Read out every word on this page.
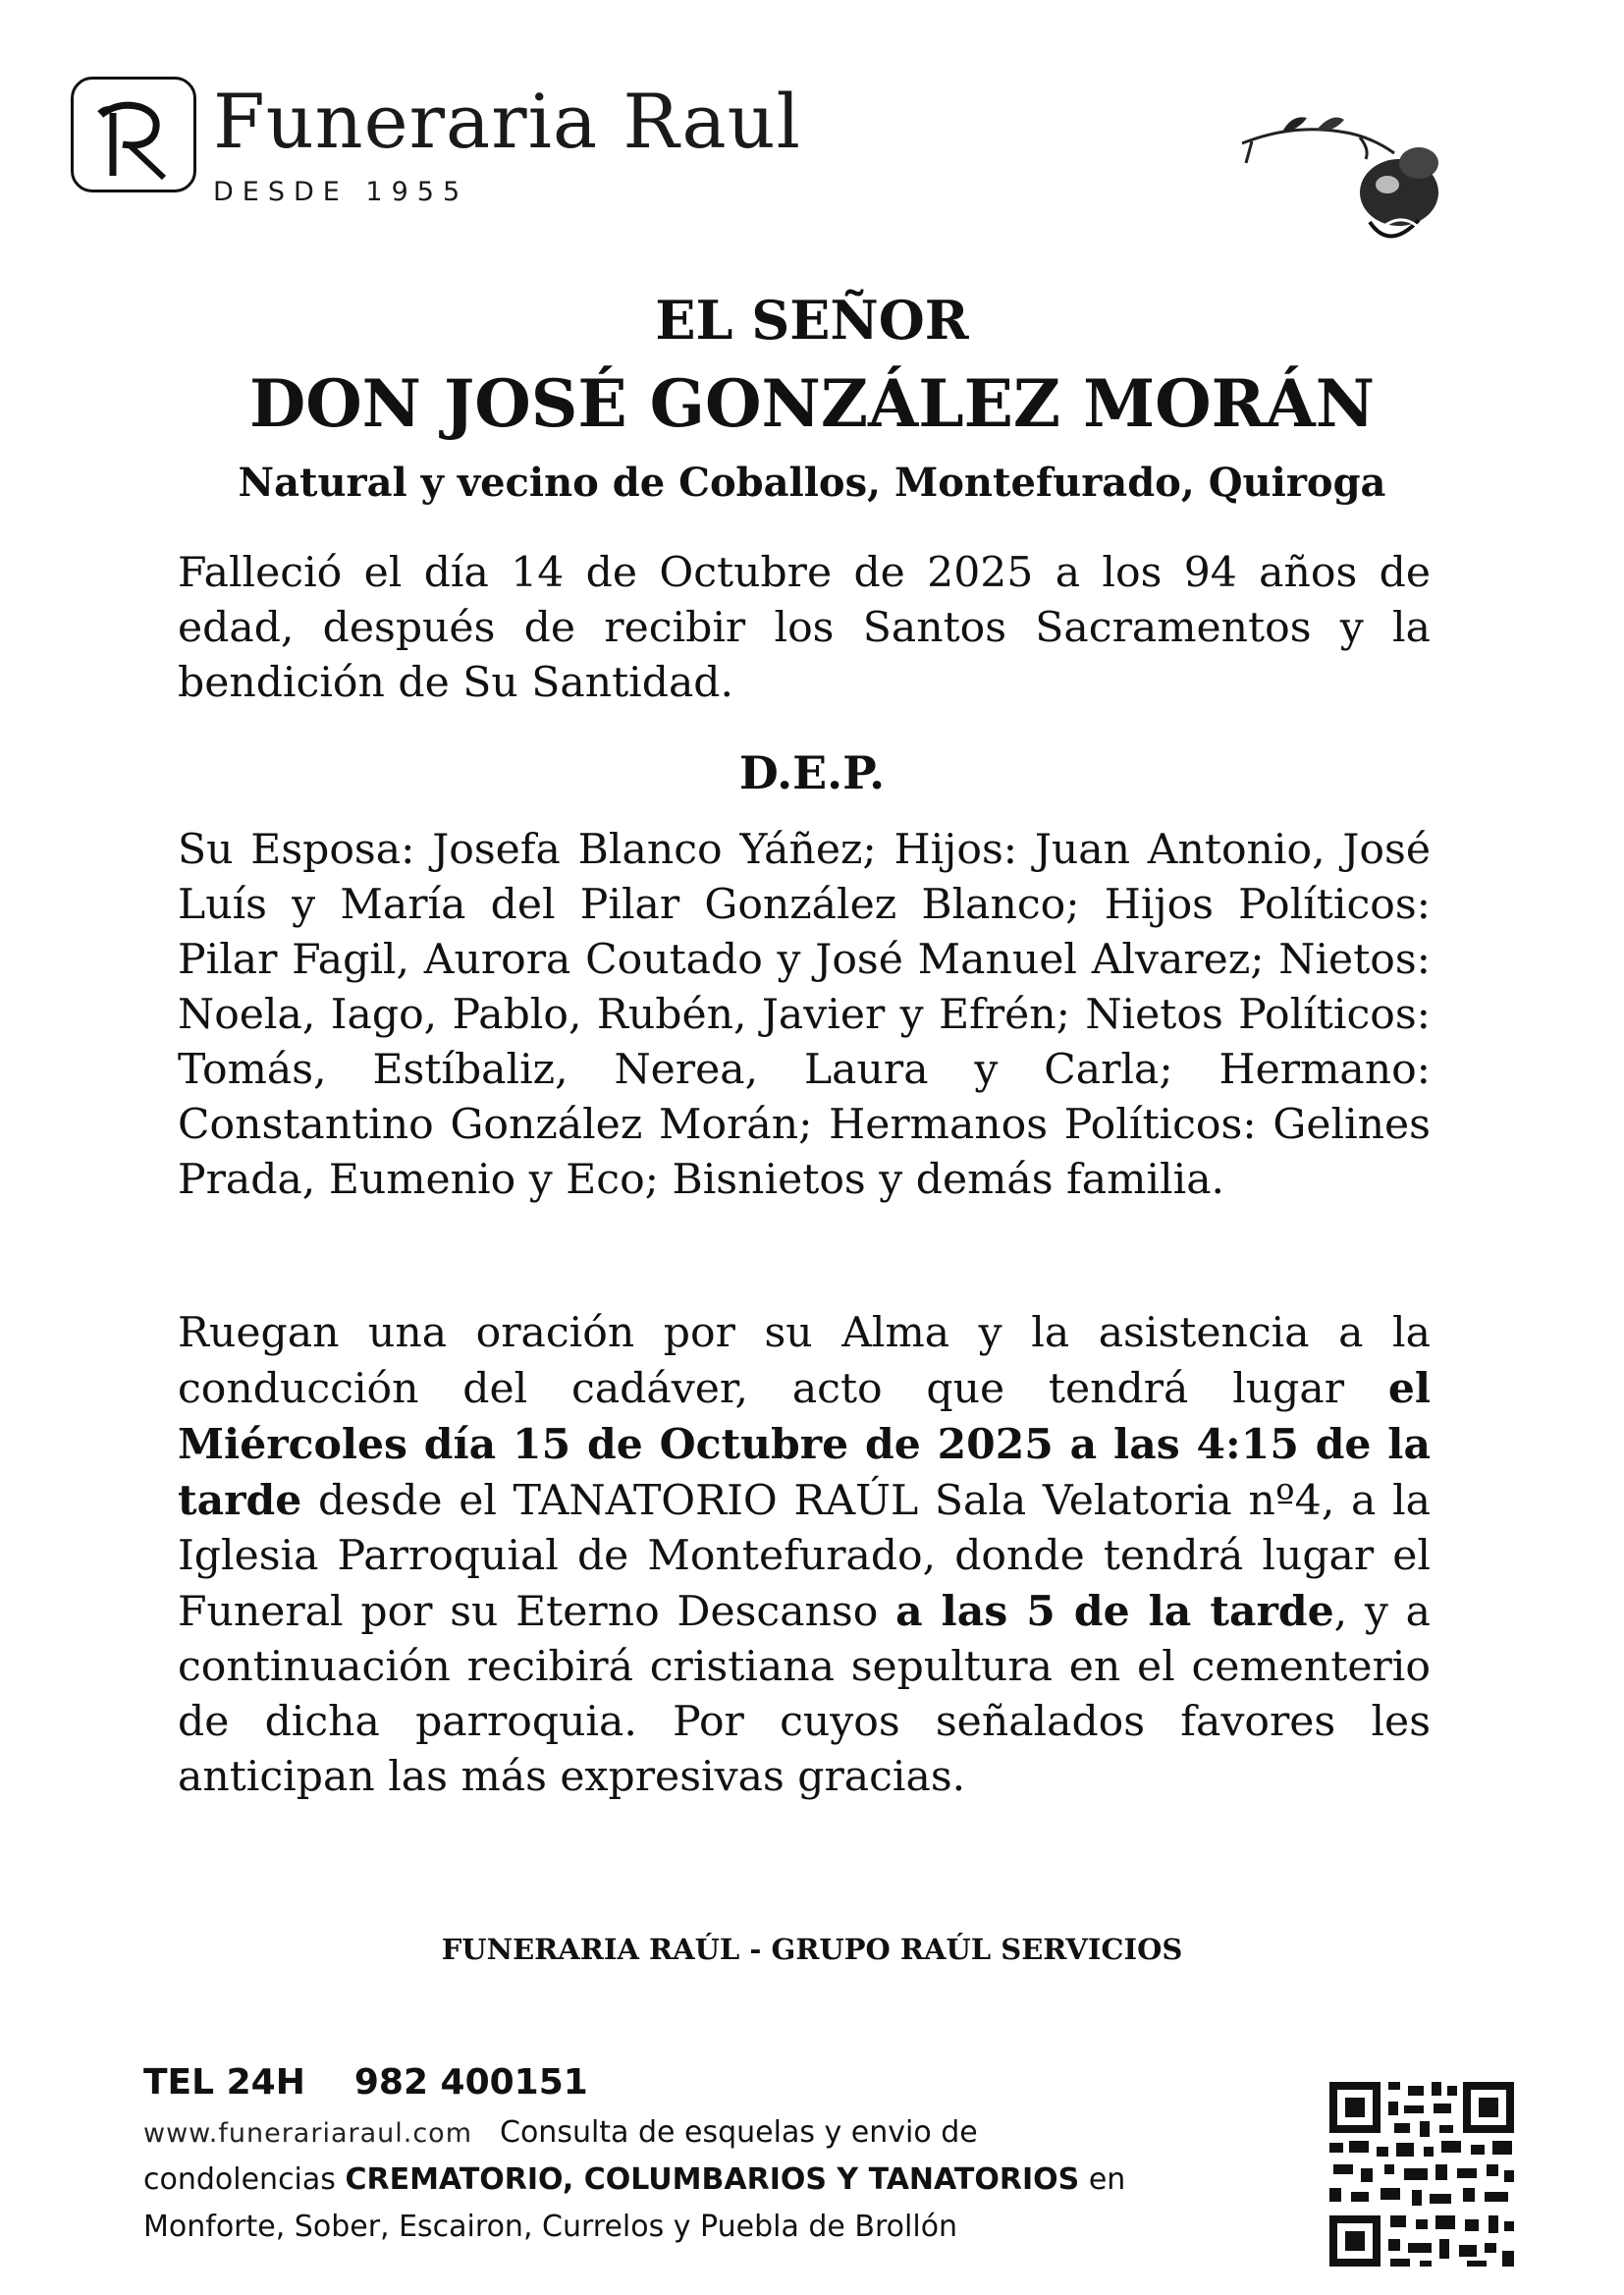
Funeraria Raul
DESDE 1955
EL SEÑOR
DON JOSÉ GONZÁLEZ MORÁN
Natural y vecino de Coballos, Montefurado, Quiroga
Falleció el día 14 de Octubre de 2025 a los 94 años de edad, después de recibir los Santos Sacramentos y la bendición de Su Santidad.
D.E.P.
Su Esposa: Josefa Blanco Yáñez; Hijos: Juan Antonio, José Luís y María del Pilar González Blanco; Hijos Políticos: Pilar Fagil, Aurora Coutado y José Manuel Alvarez; Nietos: Noela, Iago, Pablo, Rubén, Javier y Efrén; Nietos Políticos: Tomás, Estíbaliz, Nerea, Laura y Carla; Hermano: Constantino González Morán; Hermanos Políticos: Gelines Prada, Eumenio y Eco; Bisnietos y demás familia.
Ruegan una oración por su Alma y la asistencia a la conducción del cadáver, acto que tendrá lugar el Miércoles día 15 de Octubre de 2025 a las 4:15 de la tarde desde el TANATORIO RAÚL Sala Velatoria nº4, a la Iglesia Parroquial de Montefurado, donde tendrá lugar el Funeral por su Eterno Descanso a las 5 de la tarde, y a continuación recibirá cristiana sepultura en el cementerio de dicha parroquia. Por cuyos señalados favores les anticipan las más expresivas gracias.
FUNERARIA RAÚL - GRUPO RAÚL SERVICIOS
TEL 24H 982 400151
www.funerariaraul.com Consulta de esquelas y envio de
condolencias CREMATORIO, COLUMBARIOS Y TANATORIOS en
Monforte, Sober, Escairon, Currelos y Puebla de Brollón
